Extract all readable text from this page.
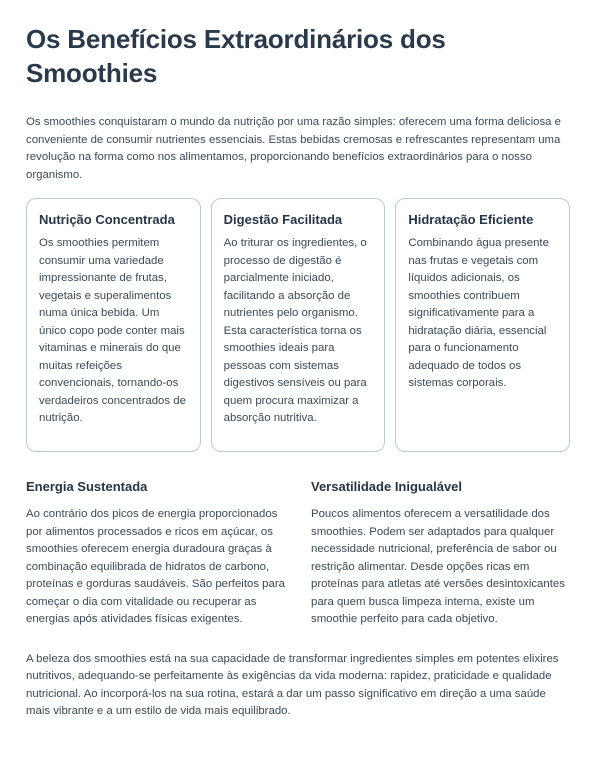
Os Benefícios Extraordinários dos Smoothies

Os smoothies conquistaram o mundo da nutrição por uma razão simples: oferecem uma forma deliciosa e conveniente de consumir nutrientes essenciais. Estas bebidas cremosas e refrescantes representam uma revolução na forma como nos alimentamos, proporcionando benefícios extraordinários para o nosso organismo.

Nutrição Concentrada

Os smoothies permitem consumir uma variedade impressionante de frutas, vegetais e superalimentos numa única bebida. Um único copo pode conter mais vitaminas e minerais do que muitas refeições convencionais, tornando-os verdadeiros concentrados de nutrição.

Digestão Facilitada

Ao triturar os ingredientes, o processo de digestão é parcialmente iniciado, facilitando a absorção de nutrientes pelo organismo. Esta característica torna os smoothies ideais para pessoas com sistemas digestivos sensíveis ou para quem procura maximizar a absorção nutritiva.

Hidratação Eficiente

Combinando água presente nas frutas e vegetais com líquidos adicionais, os smoothies contribuem significativamente para a hidratação diária, essencial para o funcionamento adequado de todos os sistemas corporais.

Energia Sustentada

Ao contrário dos picos de energia proporcionados por alimentos processados e ricos em açúcar, os smoothies oferecem energia duradoura graças à combinação equilibrada de hidratos de carbono, proteínas e gorduras saudáveis. São perfeitos para começar o dia com vitalidade ou recuperar as energias após atividades físicas exigentes.

Versatilidade Inigualável

Poucos alimentos oferecem a versatilidade dos smoothies. Podem ser adaptados para qualquer necessidade nutricional, preferência de sabor ou restrição alimentar. Desde opções ricas em proteínas para atletas até versões desintoxicantes para quem busca limpeza interna, existe um smoothie perfeito para cada objetivo.

A beleza dos smoothies está na sua capacidade de transformar ingredientes simples em potentes elixires nutritivos, adequando-se perfeitamente às exigências da vida moderna: rapidez, praticidade e qualidade nutricional. Ao incorporá-los na sua rotina, estará a dar um passo significativo em direção a uma saúde mais vibrante e a um estilo de vida mais equilibrado.
